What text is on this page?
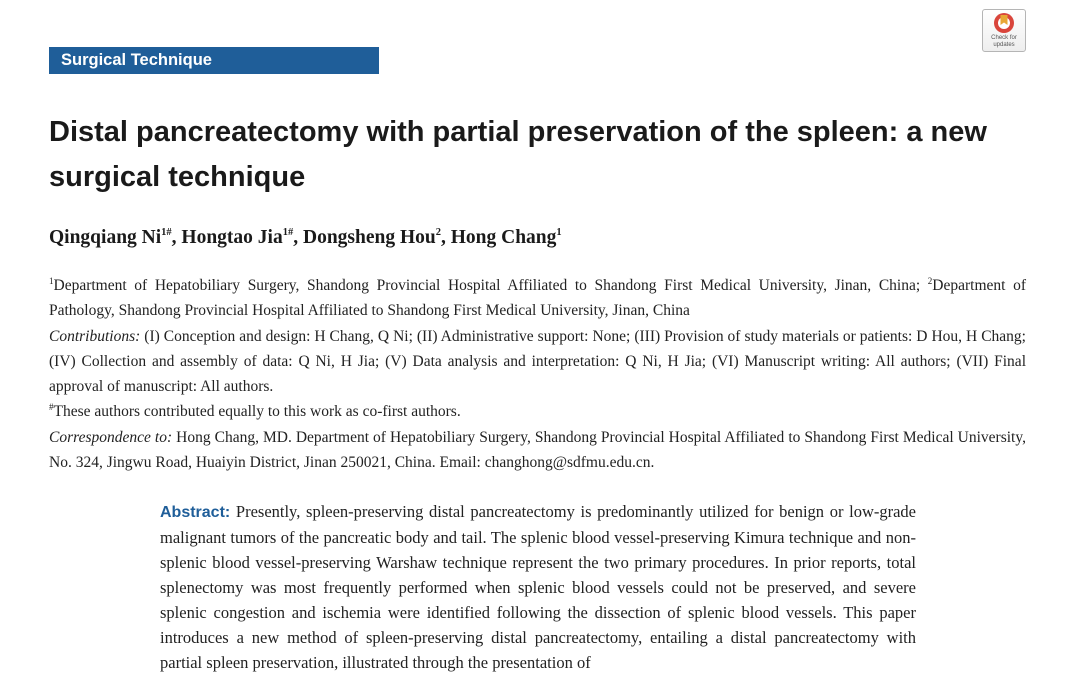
Surgical Technique
Check for
updates
Distal pancreatectomy with partial preservation of the spleen: a new surgical technique
Qingqiang $Ni^{1\#}$, Hongtao Jia$^{1\#}$, Dongsheng Hou$^2$, Hong Chang$^1$
$^1$Department of Hepatobiliary Surgery, Shandong Provincial Hospital Affiliated to Shandong First Medical University, Jinan, China; $^2$Department of Pathology, Shandong Provincial Hospital Affiliated to Shandong First Medical University, Jinan, China
Contributions: (I) Conception and design: H Chang, Q Ni; (II) Administrative support: None; (III) Provision of study materials or patients: D Hou, H Chang; (IV) Collection and assembly of data: Q Ni, H Jia; (V) Data analysis and interpretation: Q Ni, H Jia; (VI) Manuscript writing: All authors; (VII) Final approval of manuscript: All authors.
#These authors contributed equally to this work as co-first authors.
Correspondence to: Hong Chang, MD. Department of Hepatobiliary Surgery, Shandong Provincial Hospital Affiliated to Shandong First Medical University, No. 324, Jingwu Road, Huaiyin District, Jinan 250021, China. Email: changhong@sdfmu.edu.cn.
Abstract: Presently, spleen-preserving distal pancreatectomy is predominantly utilized for benign or low-grade malignant tumors of the pancreatic body and tail. The splenic blood vessel-preserving Kimura technique and non-splenic blood vessel-preserving Warshaw technique represent the two primary procedures. In prior reports, total splenectomy was most frequently performed when splenic blood vessels could not be preserved, and severe splenic congestion and ischemia were identified following the dissection of splenic blood vessels. This paper introduces a new method of spleen-preserving distal pancreatectomy, entailing a distal pancreatectomy with partial spleen preservation, illustrated through the presentation of
